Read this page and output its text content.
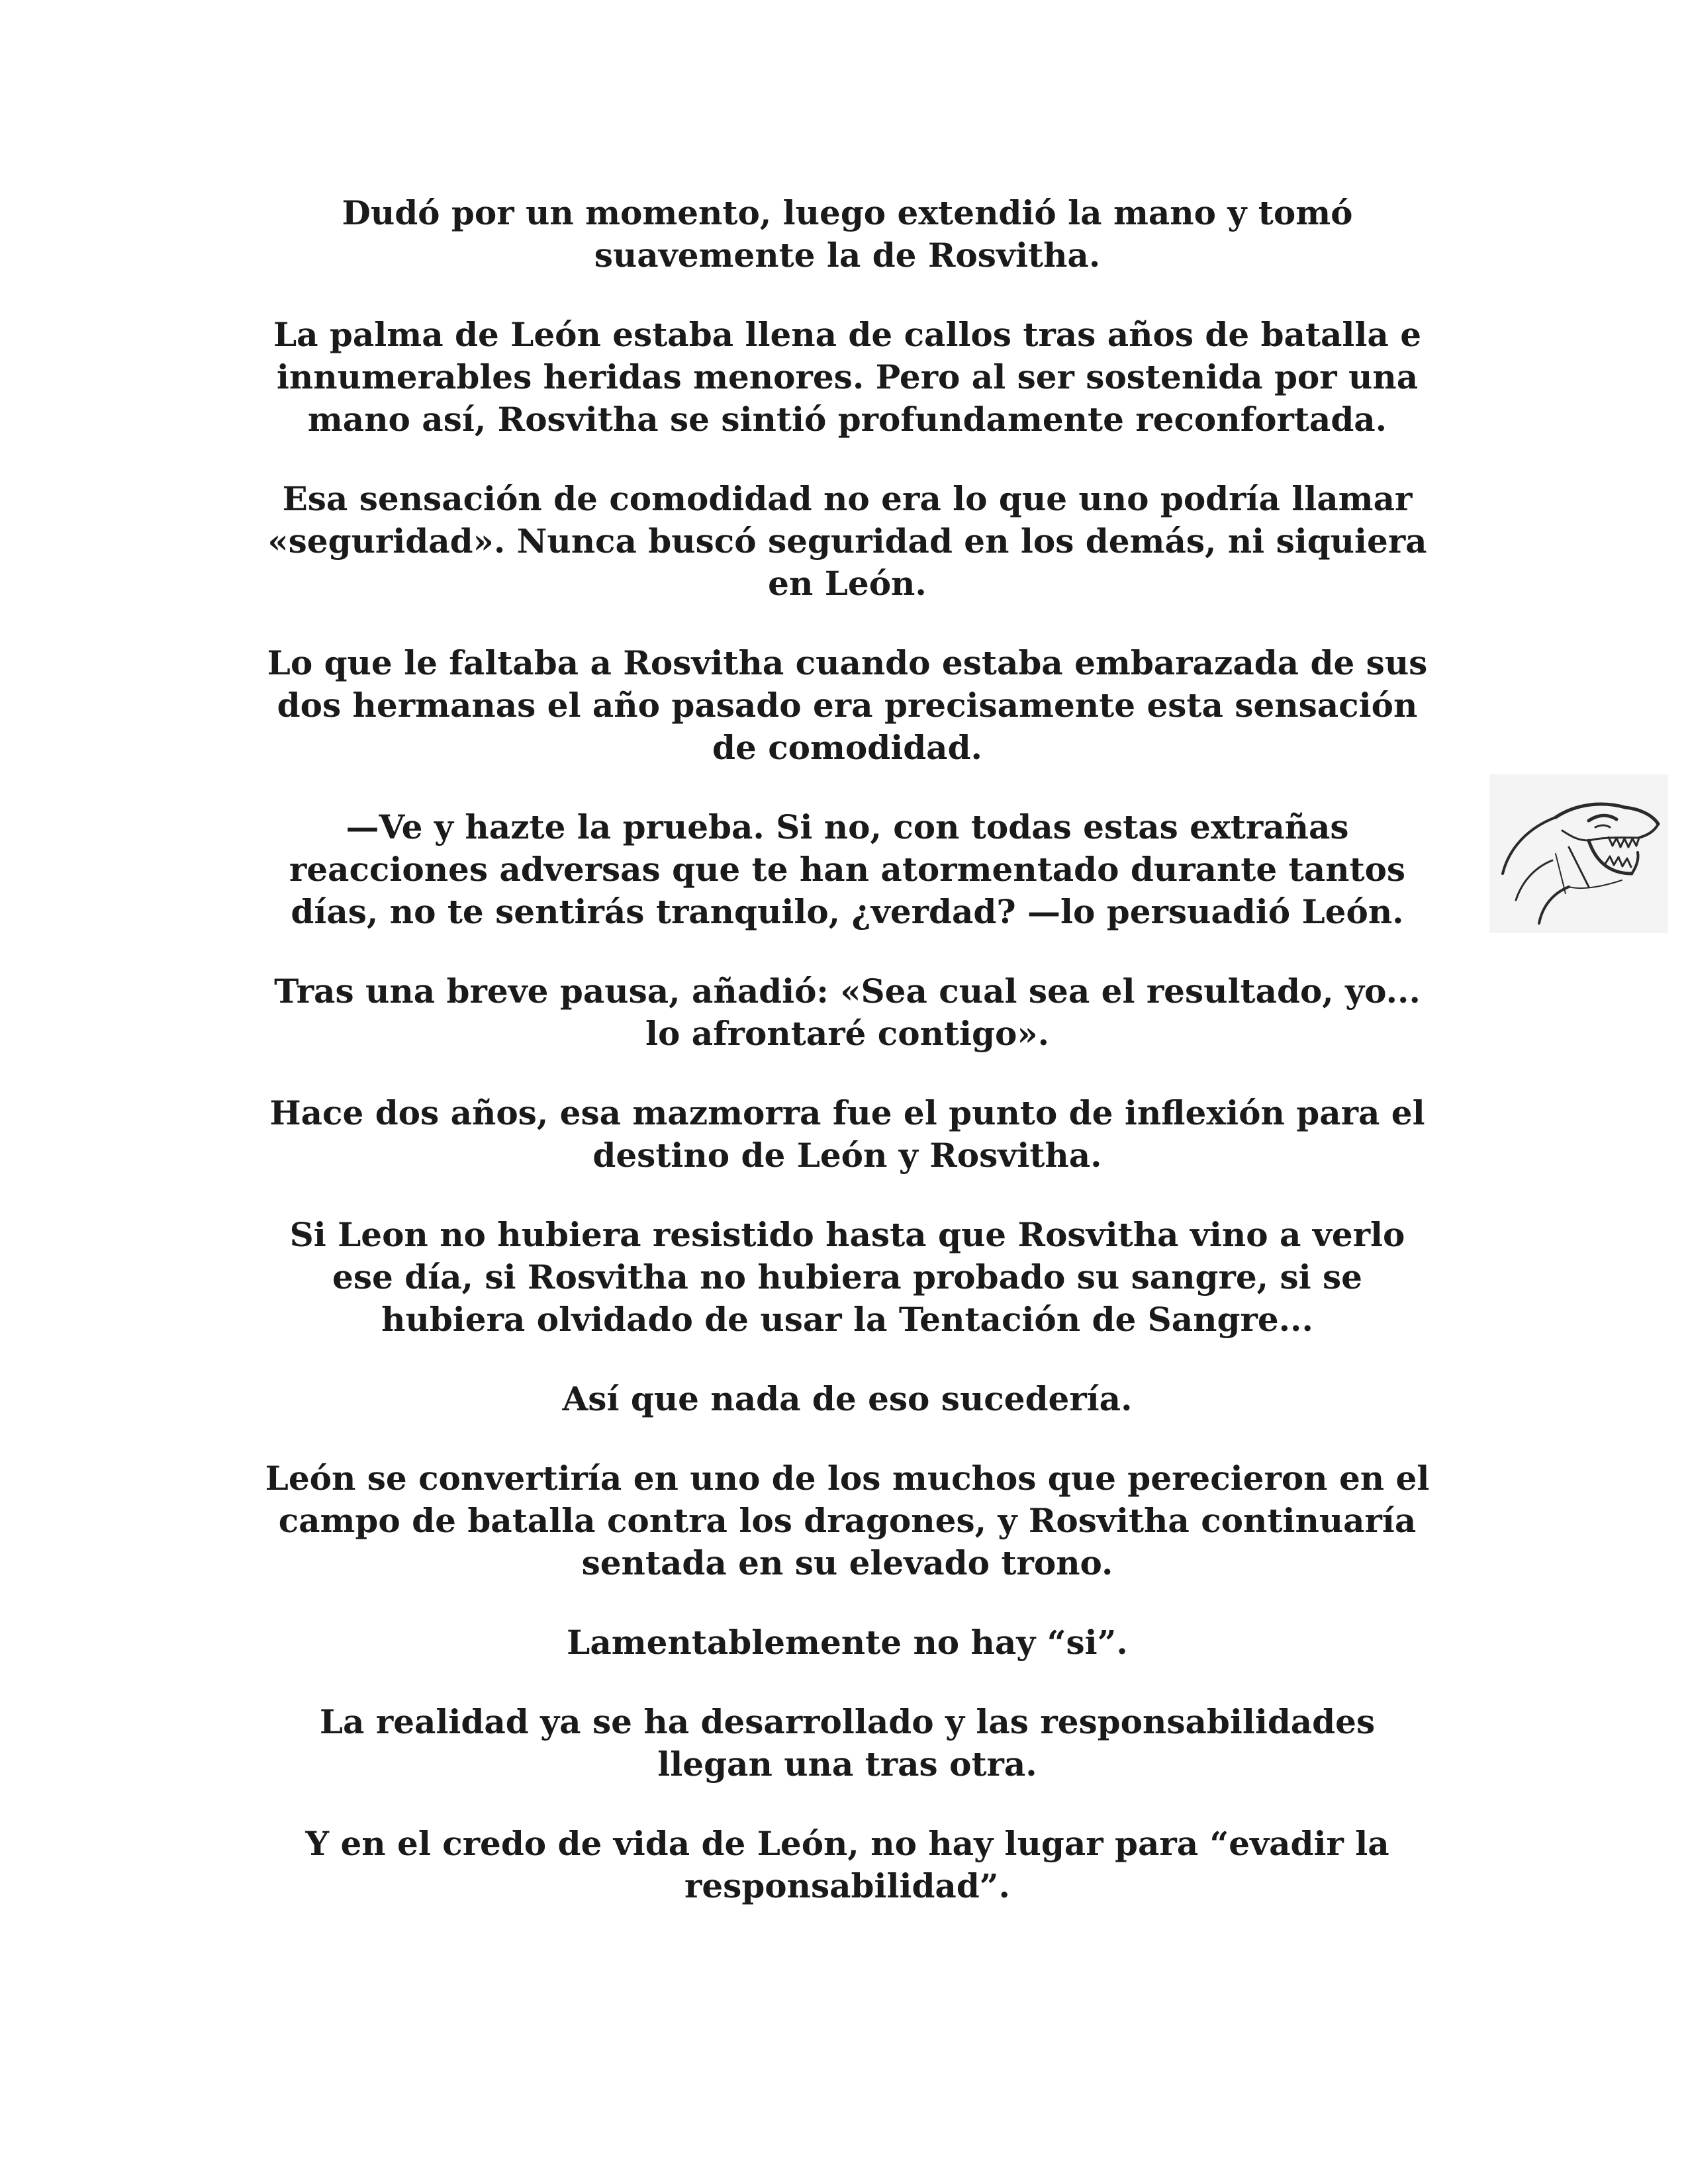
Dudó por un momento, luego extendió la mano y tomó
suavemente la de Rosvitha.

La palma de León estaba llena de callos tras años de batalla e
innumerables heridas menores. Pero al ser sostenida por una
mano así, Rosvitha se sintió profundamente reconfortada.

Esa sensación de comodidad no era lo que uno podría llamar
«seguridad». Nunca buscó seguridad en los demás, ni siquiera
en León.

Lo que le faltaba a Rosvitha cuando estaba embarazada de sus
dos hermanas el año pasado era precisamente esta sensación
de comodidad.

—Ve y hazte la prueba. Si no, con todas estas extrañas
reacciones adversas que te han atormentado durante tantos
días, no te sentirás tranquilo, ¿verdad? —lo persuadió León.

Tras una breve pausa, añadió: «Sea cual sea el resultado, yo...
lo afrontaré contigo».

Hace dos años, esa mazmorra fue el punto de inflexión para el
destino de León y Rosvitha.

Si Leon no hubiera resistido hasta que Rosvitha vino a verlo
ese día, si Rosvitha no hubiera probado su sangre, si se
hubiera olvidado de usar la Tentación de Sangre...

Así que nada de eso sucedería.

León se convertiría en uno de los muchos que perecieron en el
campo de batalla contra los dragones, y Rosvitha continuaría
sentada en su elevado trono.

Lamentablemente no hay “si”.

La realidad ya se ha desarrollado y las responsabilidades
llegan una tras otra.

Y en el credo de vida de León, no hay lugar para “evadir la
responsabilidad”.
